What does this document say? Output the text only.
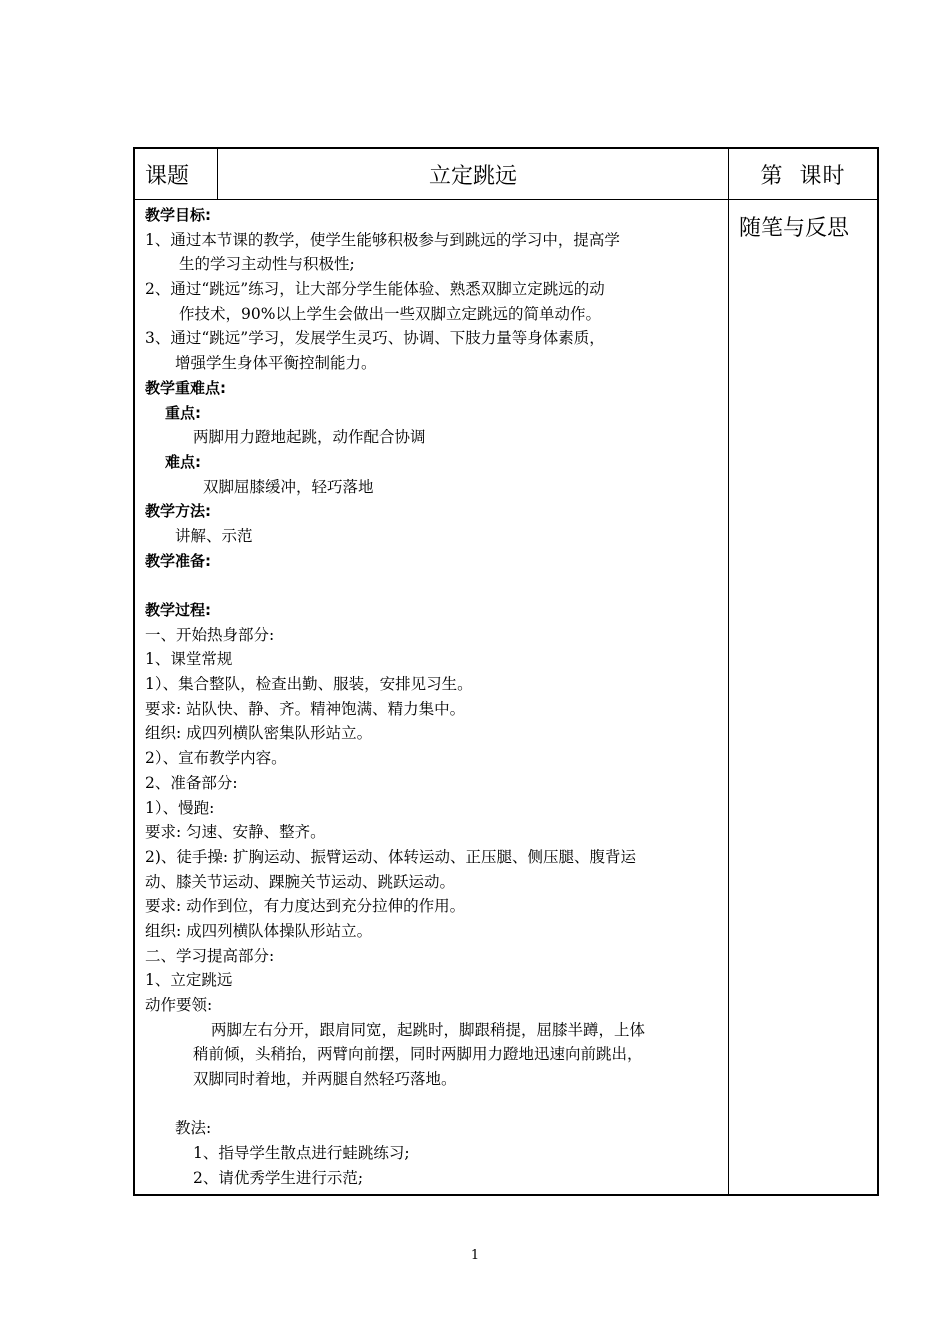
课题	立定跳远	第  课时
随笔与反思
教学目标:
1、通过本节课的教学，使学生能够积极参与到跳远的学习中，提高学
生的学习主动性与积极性;
2、通过“跳远”练习，让大部分学生能体验、熟悉双脚立定跳远的动
作技术，90%以上学生会做出一些双脚立定跳远的简单动作。
3、通过“跳远”学习，发展学生灵巧、协调、下肢力量等身体素质，
增强学生身体平衡控制能力。
教学重难点:
重点:
两脚用力蹬地起跳，动作配合协调
难点:
双脚屈膝缓冲，轻巧落地
教学方法:
讲解、示范
教学准备:
教学过程:
一、开始热身部分:
1、课堂常规
1）、集合整队，检查出勤、服装，安排见习生。
要求: 站队快、静、齐。精神饱满、精力集中。
组织: 成四列横队密集队形站立。
2）、宣布教学内容。
2、准备部分:
1）、慢跑:
要求: 匀速、安静、整齐。
2)、徒手操: 扩胸运动、振臂运动、体转运动、正压腿、侧压腿、腹背运
动、膝关节运动、踝腕关节运动、跳跃运动。
要求: 动作到位，有力度达到充分拉伸的作用。
组织: 成四列横队体操队形站立。
二、学习提高部分:
1、立定跳远
动作要领:
两脚左右分开，跟肩同宽，起跳时，脚跟稍提，屈膝半蹲，上体
稍前倾，头稍抬，两臂向前摆，同时两脚用力蹬地迅速向前跳出，
双脚同时着地，并两腿自然轻巧落地。
教法:
1、指导学生散点进行蛙跳练习;
2、请优秀学生进行示范;
1
